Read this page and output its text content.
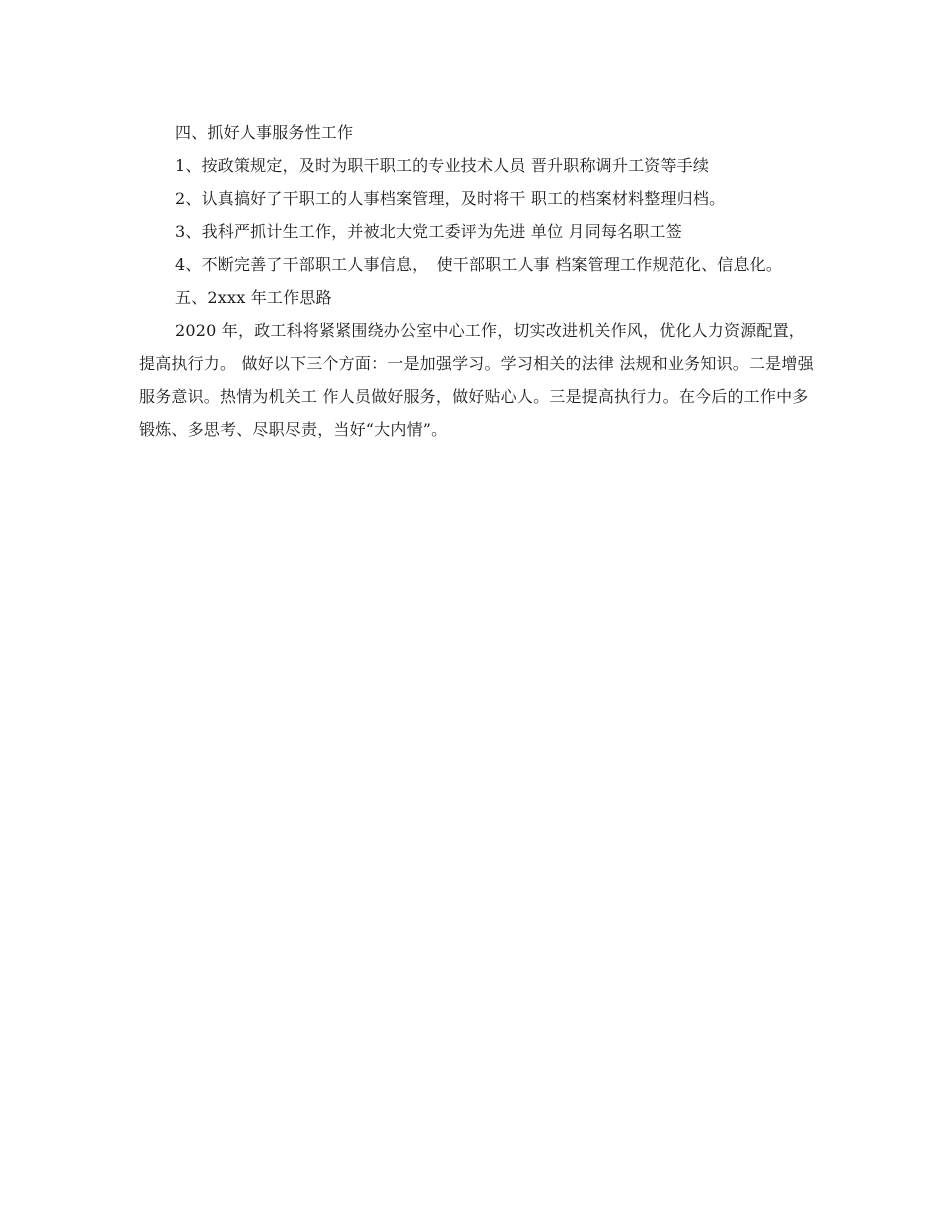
四、抓好人事服务性工作

1、按政策规定，及时为职干职工的专业技术人员 晋升职称调升工资等手续

2、认真搞好了干职工的人事档案管理，及时将干 职工的档案材料整理归档。

3、我科严抓计生工作，并被北大党工委评为先进 单位 月同每名职工签

4、不断完善了干部职工人事信息，　使干部职工人事 档案管理工作规范化、信息化。

五、2xxx 年工作思路

2020 年，政工科将紧紧围绕办公室中心工作，切实改进机关作风，优化人力资源配置，提高执行力。 做好以下三个方面：一是加强学习。学习相关的法律 法规和业务知识。二是增强服务意识。热情为机关工 作人员做好服务，做好贴心人。三是提高执行力。在今后的工作中多锻炼、多思考、尽职尽责，当好“大内情”。
